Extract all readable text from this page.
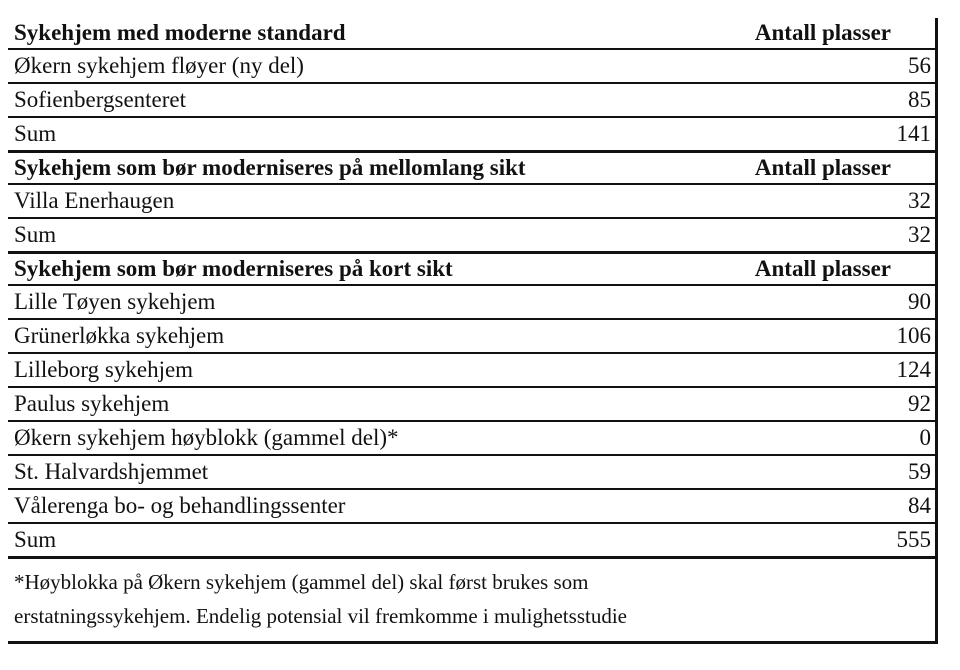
Sykehjem med moderne standard	Antall plasser
Økern sykehjem fløyer (ny del)	56
Sofienbergsenteret	85
Sum	141
Sykehjem som bør moderniseres på mellomlang sikt	Antall plasser
Villa Enerhaugen	32
Sum	32
Sykehjem som bør moderniseres på kort sikt	Antall plasser
Lille Tøyen sykehjem	90
Grünerløkka sykehjem	106
Lilleborg sykehjem	124
Paulus sykehjem	92
Økern sykehjem høyblokk (gammel del)*	0
St. Halvardshjemmet	59
Vålerenga bo- og behandlingssenter	84
Sum	555
*Høyblokka på Økern sykehjem (gammel del) skal først brukes som
erstatningssykehjem. Endelig potensial vil fremkomme i mulighetsstudie
